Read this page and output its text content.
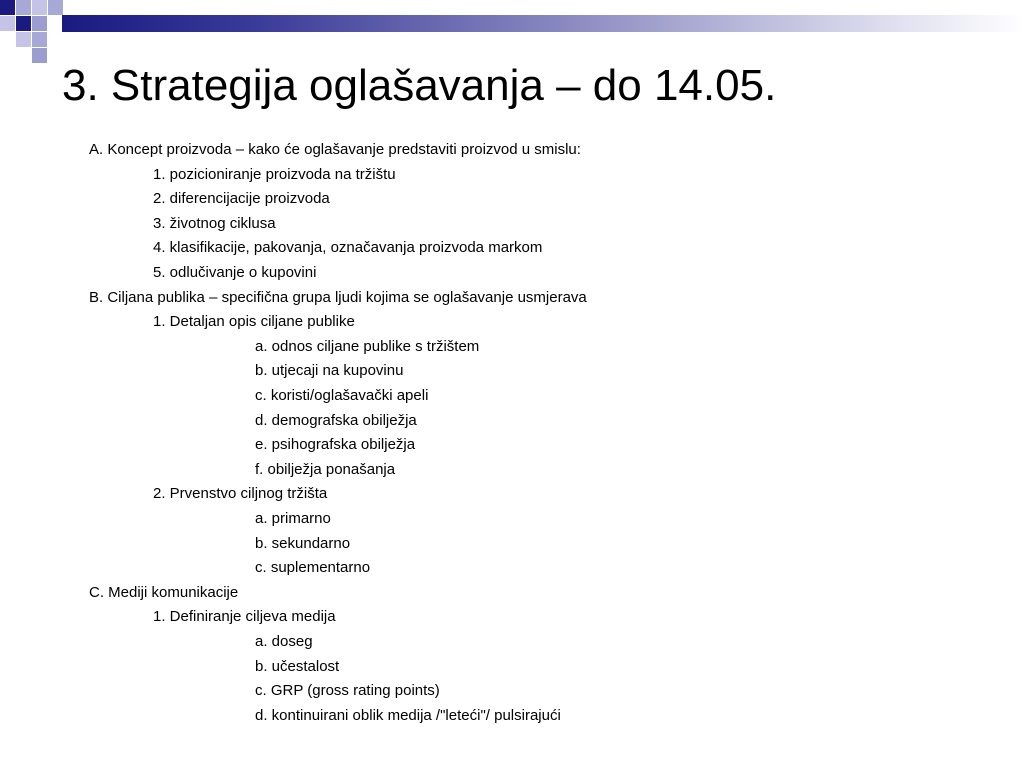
3. Strategija oglašavanja – do 14.05.
A. Koncept proizvoda – kako će oglašavanje predstaviti proizvod u smislu:
1. pozicioniranje proizvoda na tržištu
2. diferencijacije proizvoda
3. životnog ciklusa
4. klasifikacije, pakovanja, označavanja proizvoda markom
5. odlučivanje o kupovini
B. Ciljana publika – specifična grupa ljudi kojima se oglašavanje usmjerava
1. Detaljan opis ciljane publike
a. odnos ciljane publike s tržištem
b. utjecaji na kupovinu
c. koristi/oglašavački apeli
d. demografska obilježja
e. psihografska obilježja
f. obilježja ponašanja
2. Prvenstvo ciljnog tržišta
a. primarno
b. sekundarno
c. suplementarno
C. Mediji komunikacije
1. Definiranje ciljeva medija
a. doseg
b. učestalost
c. GRP (gross rating points)
d. kontinuirani oblik medija /"leteći"/ pulsirajući
